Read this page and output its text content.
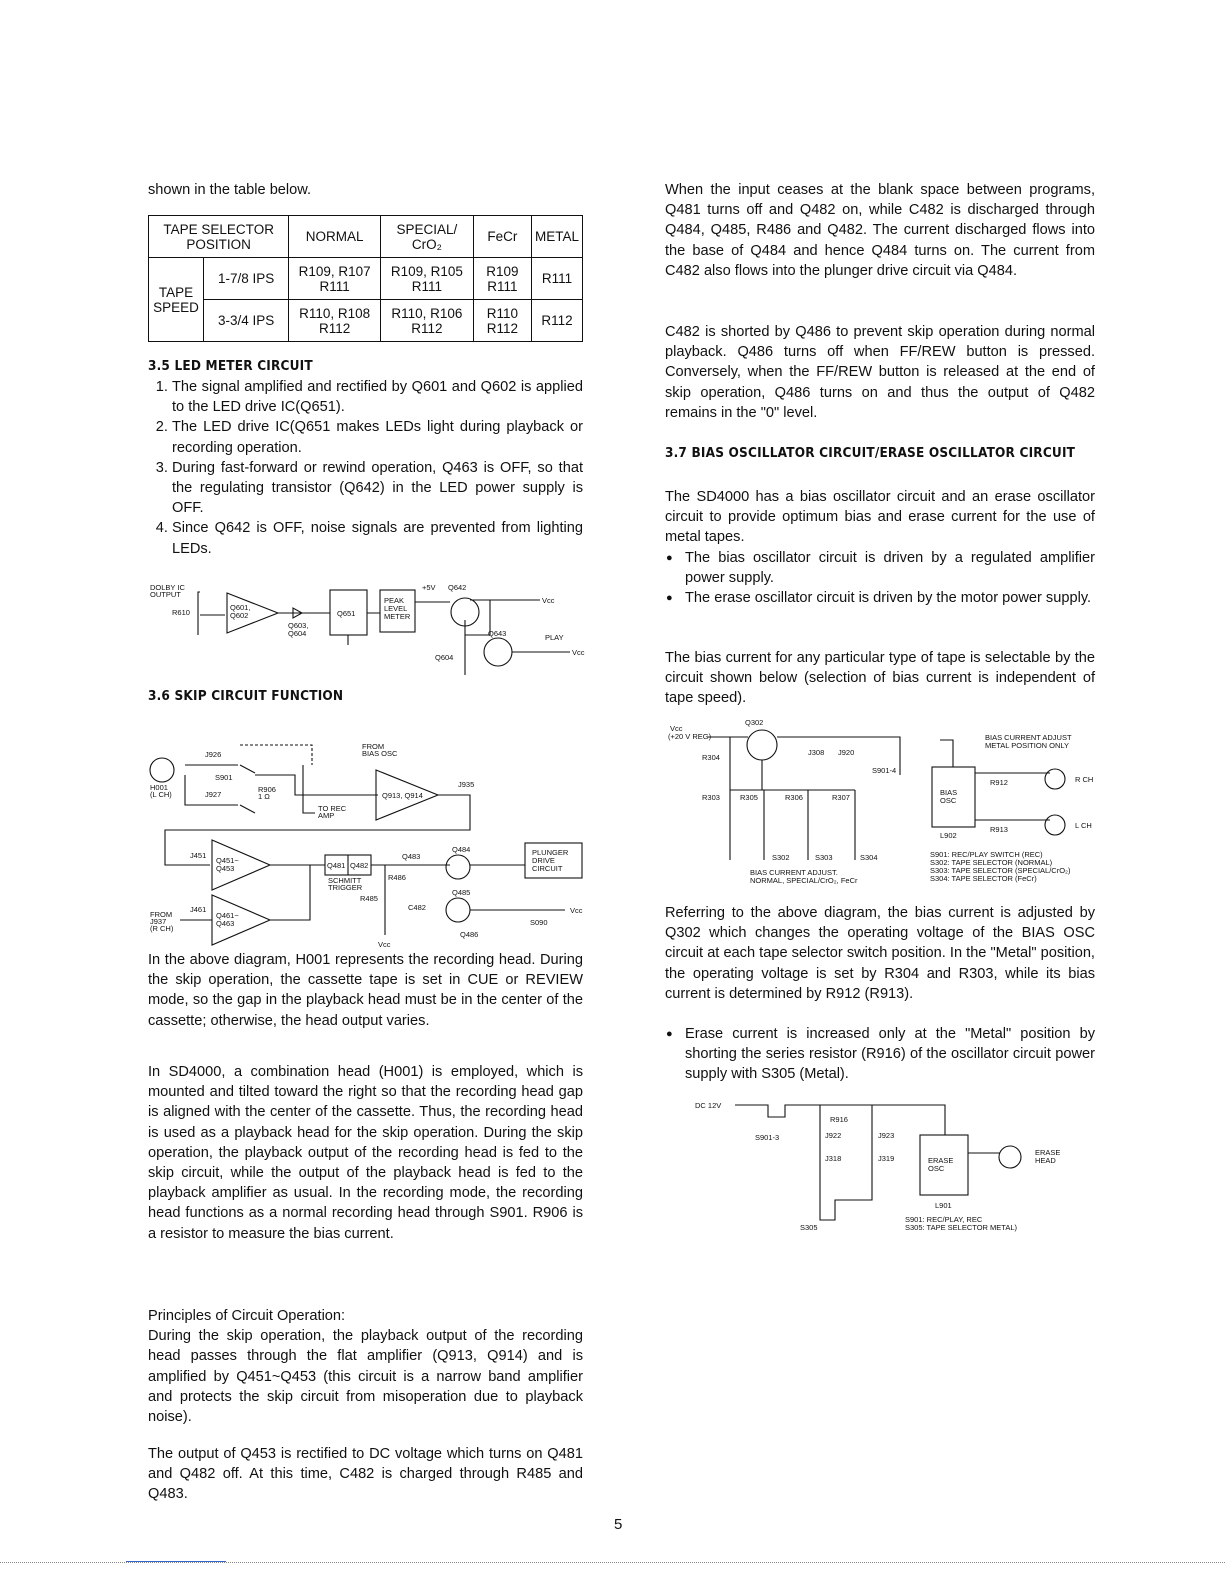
shown in the table below.
TAPE SELECTOR POSITION		NORMAL	SPECIAL/ CrO₂	FeCr	METAL
TAPE SPEED	1-7/8 IPS	R109, R107 R111	R109, R105 R111	R109 R111	R111
	3-3/4 IPS	R110, R108 R112	R110, R106 R112	R110 R112	R112
3.5 LED METER CIRCUIT
1. The signal amplified and rectified by Q601 and Q602 is applied to the LED drive IC(Q651).
2. The LED drive IC(Q651 makes LEDs light during playback or recording operation.
3. During fast-forward or rewind operation, Q463 is OFF, so that the regulating transistor (Q642) in the LED power supply is OFF.
4. Since Q642 is OFF, noise signals are prevented from lighting LEDs.
DOLBY IC
OUTPUT
R610
Q601,
Q602
Q603,
Q604
Q651
PEAK
LEVEL
METER
+5V Q642
Vcc
Q643	PLAY
Vcc
Q604
3.6 SKIP CIRCUIT FUNCTION
H001
(L CH)
J926
S901
J927
R906
1 Ω
FROM
BIAS OSC
TO REC
AMP
Q913, Q914
J935
J451
Q451~
Q453	Q481 Q482
SCHMITT
TRIGGER
Q483
R485
R486
Vcc
Q484
Q485
PLUNGER
DRIVE
CIRCUIT
C482
Q486
S090
Vcc
FROM
J937
(R CH)
J461
Q461~
Q463
In the above diagram, H001 represents the recording head. During the skip operation, the cassette tape is set in CUE or REVIEW mode, so the gap in the playback head must be in the center of the cassette; otherwise, the head output varies.
In SD4000, a combination head (H001) is employed, which is mounted and tilted toward the right so that the recording head gap is aligned with the center of the cassette. Thus, the recording head is used as a playback head for the skip operation. During the skip operation, the playback output of the recording head is fed to the skip circuit, while the output of the playback head is fed to the playback amplifier as usual. In the recording mode, the recording head functions as a normal recording head through S901. R906 is a resistor to measure the bias current.

Principles of Circuit Operation:

During the skip operation, the playback output of the recording head passes through the flat amplifier (Q913, Q914) and is amplified by Q451~Q453 (this circuit is a narrow band amplifier and protects the skip circuit from misoperation due to playback noise).

The output of Q453 is rectified to DC voltage which turns on Q481 and Q482 off. At this time, C482 is charged through R485 and Q483.
When the input ceases at the blank space between programs, Q481 turns off and Q482 on, while C482 is discharged through Q484, Q485, R486 and Q482. The current discharged flows into the base of Q484 and hence Q484 turns on. The current from C482 also flows into the plunger drive circuit via Q484.
C482 is shorted by Q486 to prevent skip operation during normal playback. Q486 turns off when FF/REW button is pressed. Conversely, when the FF/REW button is released at the end of skip operation, Q486 turns on and thus the output of Q482 remains in the "0" level.
3.7 BIAS OSCILLATOR CIRCUIT/ERASE OSCILLATOR CIRCUIT

The SD4000 has a bias oscillator circuit and an erase oscillator circuit to provide optimum bias and erase current for the use of metal tapes.

● The bias oscillator circuit is driven by a regulated amplifier power supply.
● The erase oscillator circuit is driven by the motor power supply.
The bias current for any particular type of tape is selectable by the circuit shown below (selection of bias current is independent of tape speed).
Vcc
(+20 V REG)
Q302
R304
R303	R305	R306	R307
S302	S303	S304
J308 J920
S901-4
BIAS
OSC
L902
BIAS CURRENT ADJUST
METAL POSITION ONLY
R912
R913
R CH
L CH
BIAS CURRENT ADJUST.
NORMAL, SPECIAL/CrO₂, FeCr
S901: REC/PLAY SWITCH (REC)
S302: TAPE SELECTOR (NORMAL)
S303: TAPE SELECTOR (SPECIAL/CrO₂)
S304: TAPE SELECTOR (FeCr)
Referring to the above diagram, the bias current is adjusted by Q302 which changes the operating voltage of the BIAS OSC circuit at each tape selector switch position. In the "Metal" position, the operating voltage is set by R304 and R303, while its bias current is determined by R912 (R913).
● Erase current is increased only at the "Metal" position by shorting the series resistor (R916) of the oscillator circuit power supply with S305 (Metal).
DC 12V
S901-3
R916
J922	J923
J318	J319	ERASE
OSC
L901
ERASE
HEAD
S305
S901: REC/PLAY, REC
S305: TAPE SELECTOR METAL)
5
